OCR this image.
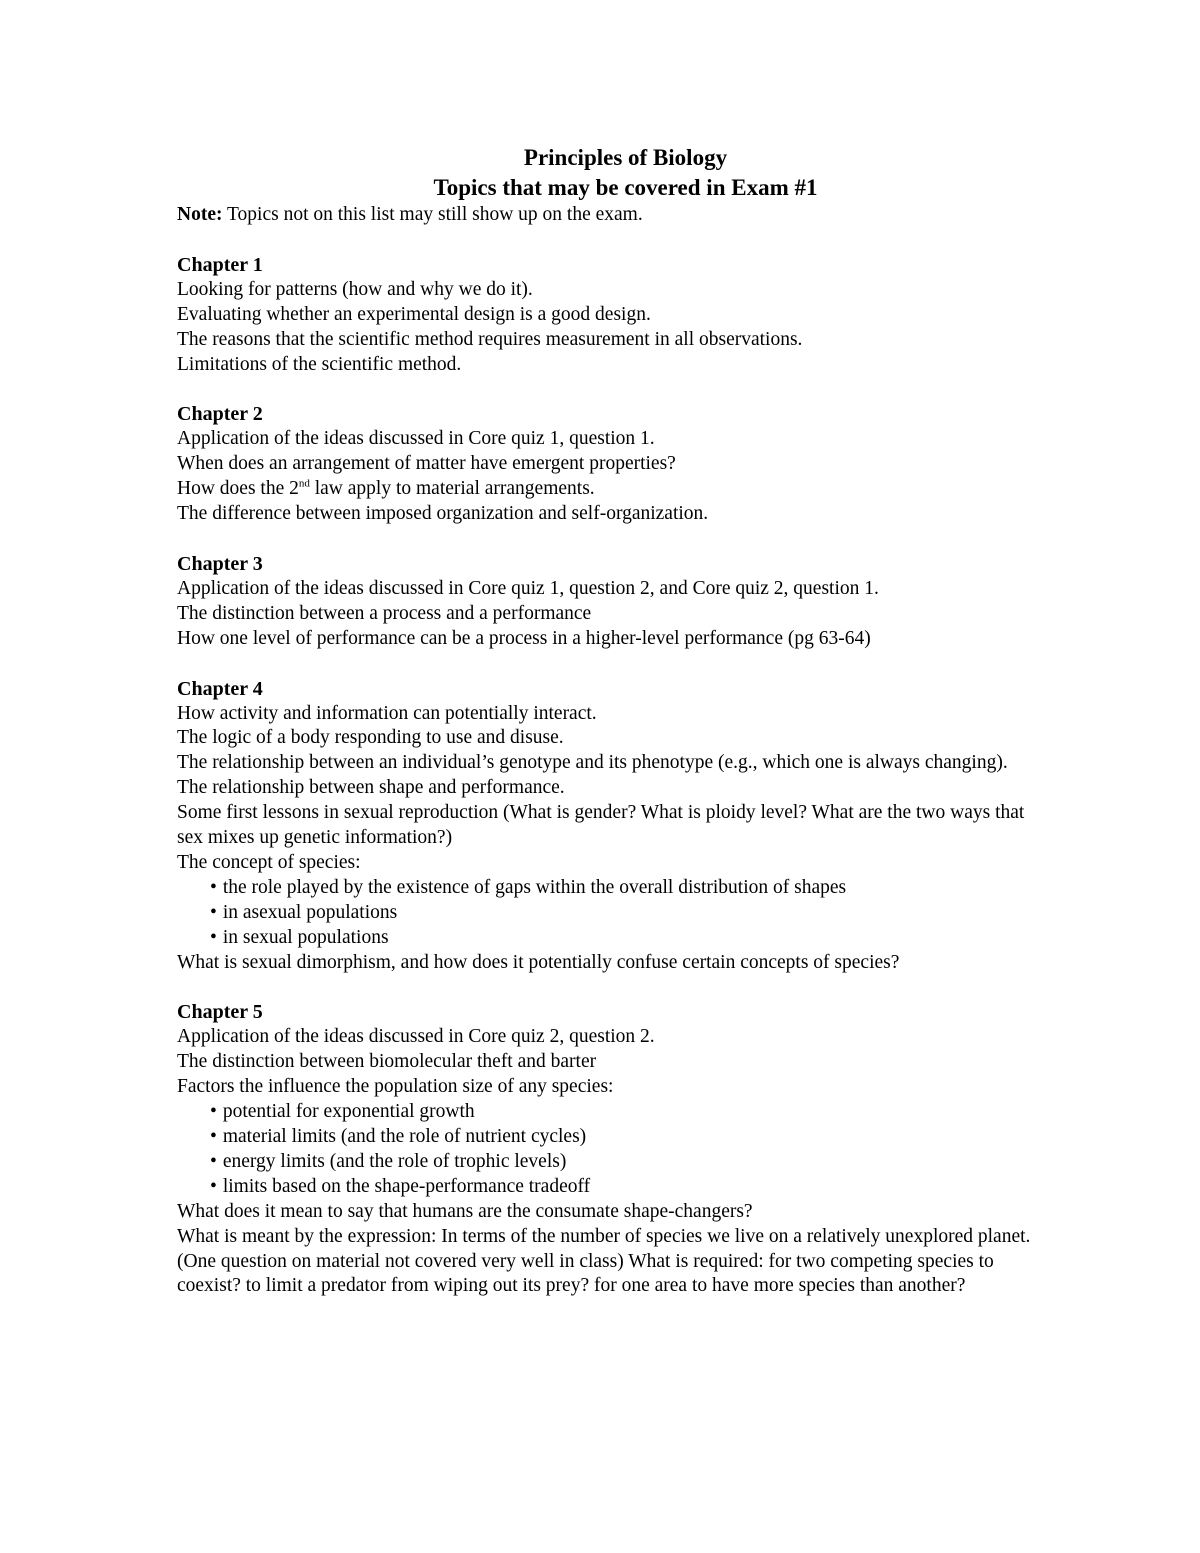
Principles of Biology
Topics that may be covered in Exam #1

Note: Topics not on this list may still show up on the exam.

Chapter 1

Looking for patterns (how and why we do it).

Evaluating whether an experimental design is a good design.

The reasons that the scientific method requires measurement in all observations.

Limitations of the scientific method.

Chapter 2

Application of the ideas discussed in Core quiz 1, question 1.

When does an arrangement of matter have emergent properties?

How does the 2nd law apply to material arrangements.

The difference between imposed organization and self-organization.

Chapter 3

Application of the ideas discussed in Core quiz 1, question 2, and Core quiz 2, question 1.

The distinction between a process and a performance

How one level of performance can be a process in a higher-level performance (pg 63-64)

Chapter 4

How activity and information can potentially interact.

The logic of a body responding to use and disuse.

The relationship between an individual’s genotype and its phenotype (e.g., which one is always changing).

The relationship between shape and performance.

Some first lessons in sexual reproduction (What is gender? What is ploidy level? What are the two ways that sex mixes up genetic information?)

The concept of species:

• the role played by the existence of gaps within the overall distribution of shapes

• in asexual populations

• in sexual populations

What is sexual dimorphism, and how does it potentially confuse certain concepts of species?

Chapter 5

Application of the ideas discussed in Core quiz 2, question 2.

The distinction between biomolecular theft and barter

Factors the influence the population size of any species:

• potential for exponential growth

• material limits (and the role of nutrient cycles)

• energy limits (and the role of trophic levels)

• limits based on the shape-performance tradeoff

What does it mean to say that humans are the consumate shape-changers?

What is meant by the expression: In terms of the number of species we live on a relatively unexplored planet.

(One question on material not covered very well in class) What is required: for two competing species to coexist? to limit a predator from wiping out its prey? for one area to have more species than another?
